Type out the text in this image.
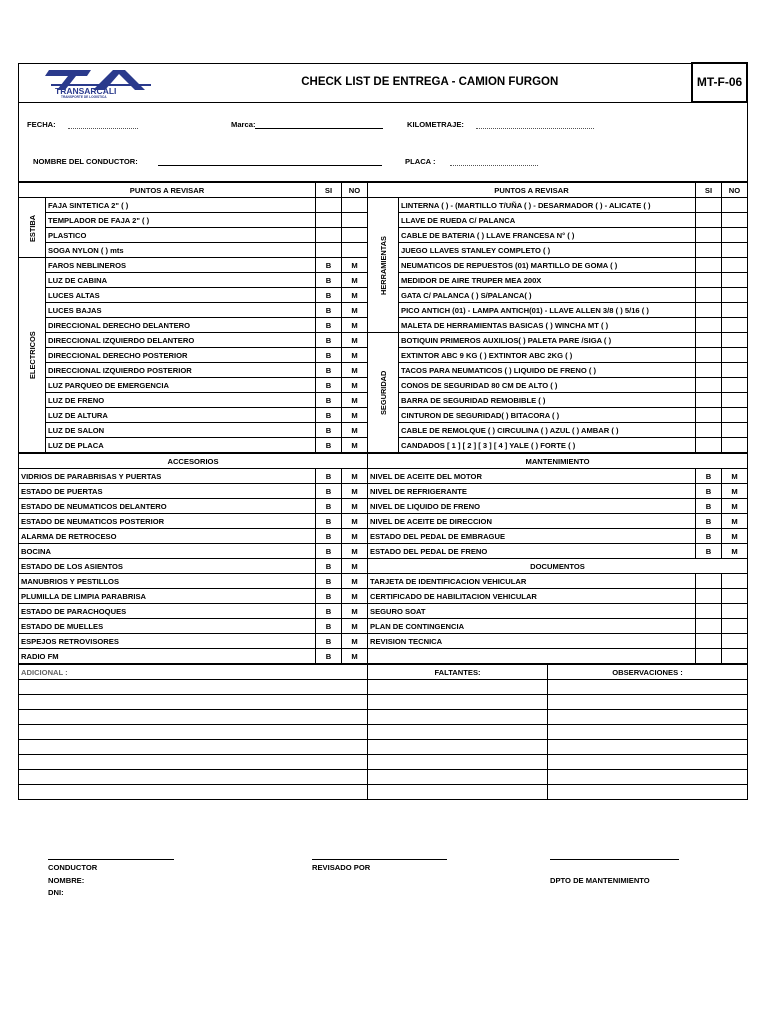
TRANSARCALI
TRANSPORTE DE LOGISTICA
	CHECK LIST DE ENTREGA - CAMION FURGON	MT-F-06
FECHA:	Marca:	KILOMETRAJE:
NOMBRE DEL CONDUCTOR:	PLACA :
PUNTOS A REVISAR		SI	NO	PUNTOS A REVISAR		SI	NO
ESTIBA	FAJA SINTETICA 2" ( )			HERRAMIENTAS	LINTERNA ( ) - (MARTILLO T/UÑA ( ) - DESARMADOR ( ) - ALICATE ( )		
	TEMPLADOR DE FAJA 2" ( )				LLAVE DE RUEDA C/ PALANCA		
	PLASTICO				CABLE DE BATERIA ( ) LLAVE FRANCESA N° ( )		
	SOGA NYLON ( ) mts				JUEGO LLAVES STANLEY COMPLETO ( )		
ELECTRICOS	FAROS NEBLINEROS	B	M		NEUMATICOS DE REPUESTOS (01) MARTILLO DE GOMA ( )		
	LUZ DE CABINA	B	M		MEDIDOR DE AIRE TRUPER MEA 200X		
	LUCES ALTAS	B	M		GATA C/ PALANCA ( ) S/PALANCA( )		
	LUCES BAJAS	B	M		PICO ANTICH (01) - LAMPA ANTICH(01) - LLAVE ALLEN 3/8 ( ) 5/16 ( )		
	DIRECCIONAL DERECHO DELANTERO	B	M		MALETA DE HERRAMIENTAS BASICAS ( ) WINCHA MT ( )		
	DIRECCIONAL IZQUIERDO DELANTERO	B	M	SEGURIDAD	BOTIQUIN PRIMEROS AUXILIOS( ) PALETA PARE /SIGA ( )		
	DIRECCIONAL DERECHO POSTERIOR	B	M		EXTINTOR ABC 9 KG ( ) EXTINTOR ABC 2KG ( )		
	DIRECCIONAL IZQUIERDO POSTERIOR	B	M		TACOS PARA NEUMATICOS ( ) LIQUIDO DE FRENO ( )		
	LUZ PARQUEO DE EMERGENCIA	B	M		CONOS DE SEGURIDAD 80 CM DE ALTO ( )		
	LUZ DE FRENO	B	M		BARRA DE SEGURIDAD REMOBIBLE ( )		
	LUZ DE ALTURA	B	M		CINTURON DE SEGURIDAD( ) BITACORA ( )		
	LUZ DE SALON	B	M		CABLE DE REMOLQUE ( ) CIRCULINA ( ) AZUL ( ) AMBAR ( )		
	LUZ DE PLACA	B	M		CANDADOS [ 1 ] [ 2 ] [ 3 ] [ 4 ] YALE ( ) FORTE ( )		
ACCESORIOS			MANTENIMIENTO		
VIDRIOS DE PARABRISAS Y PUERTAS	B	M	NIVEL DE ACEITE DEL MOTOR	B	M
ESTADO DE PUERTAS	B	M	NIVEL DE REFRIGERANTE	B	M
ESTADO DE NEUMATICOS DELANTERO	B	M	NIVEL DE LIQUIDO DE FRENO	B	M
ESTADO DE NEUMATICOS POSTERIOR	B	M	NIVEL DE ACEITE DE DIRECCION	B	M
ALARMA DE RETROCESO	B	M	ESTADO DEL PEDAL DE EMBRAGUE	B	M
BOCINA	B	M	ESTADO DEL PEDAL DE FRENO	B	M
ESTADO DE LOS ASIENTOS	B	M	DOCUMENTOS		
MANUBRIOS Y PESTILLOS	B	M	TARJETA DE IDENTIFICACION VEHICULAR		
PLUMILLA DE LIMPIA PARABRISA	B	M	CERTIFICADO DE HABILITACION VEHICULAR		
ESTADO DE PARACHOQUES	B	M	SEGURO SOAT		
ESTADO DE MUELLES	B	M	PLAN DE CONTINGENCIA		
ESPEJOS RETROVISORES	B	M	REVISION TECNICA		
RADIO FM	B	M			
ADICIONAL :	FALTANTES:	OBSERVACIONES :

CONDUCTOR
NOMBRE:
DNI:
REVISADO POR
DPTO DE MANTENIMIENTO
